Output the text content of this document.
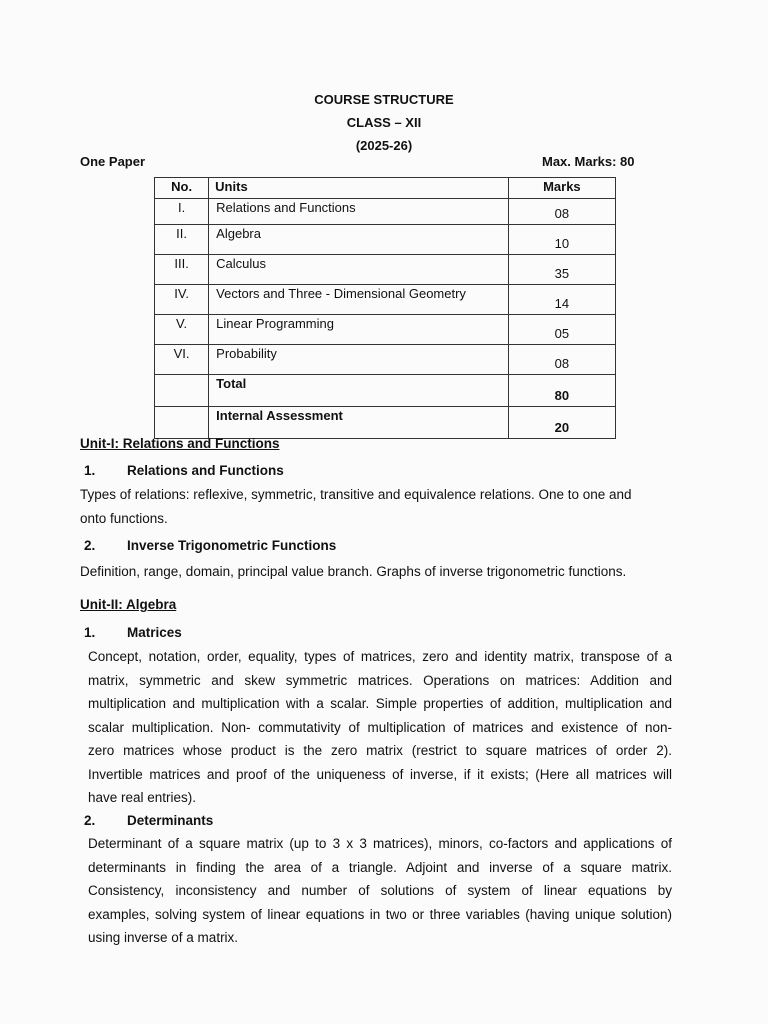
COURSE STRUCTURE
CLASS – XII
(2025-26)
One Paper	Max. Marks: 80
No.	Units	Marks
I.	Relations and Functions	08
II.	Algebra	10
III.	Calculus	35
IV.	Vectors and Three - Dimensional Geometry	14
V.	Linear Programming	05
VI.	Probability	08
	Total	80
	Internal Assessment	20
Unit-I: Relations and Functions
1. Relations and Functions
Types of relations: reflexive, symmetric, transitive and equivalence relations. One to one and
onto functions.
2. Inverse Trigonometric Functions
Definition, range, domain, principal value branch. Graphs of inverse trigonometric functions.
Unit-II: Algebra
1. Matrices
Concept, notation, order, equality, types of matrices, zero and identity matrix, transpose of a
matrix, symmetric and skew symmetric matrices. Operations on matrices: Addition and
multiplication and multiplication with a scalar. Simple properties of addition, multiplication and
scalar multiplication. Non- commutativity of multiplication of matrices and existence of non-
zero matrices whose product is the zero matrix (restrict to square matrices of order 2).
Invertible matrices and proof of the uniqueness of inverse, if it exists; (Here all matrices will
have real entries).
2. Determinants
Determinant of a square matrix (up to 3 x 3 matrices), minors, co-factors and applications of
determinants in finding the area of a triangle. Adjoint and inverse of a square matrix.
Consistency, inconsistency and number of solutions of system of linear equations by
examples, solving system of linear equations in two or three variables (having unique solution)
using inverse of a matrix.
